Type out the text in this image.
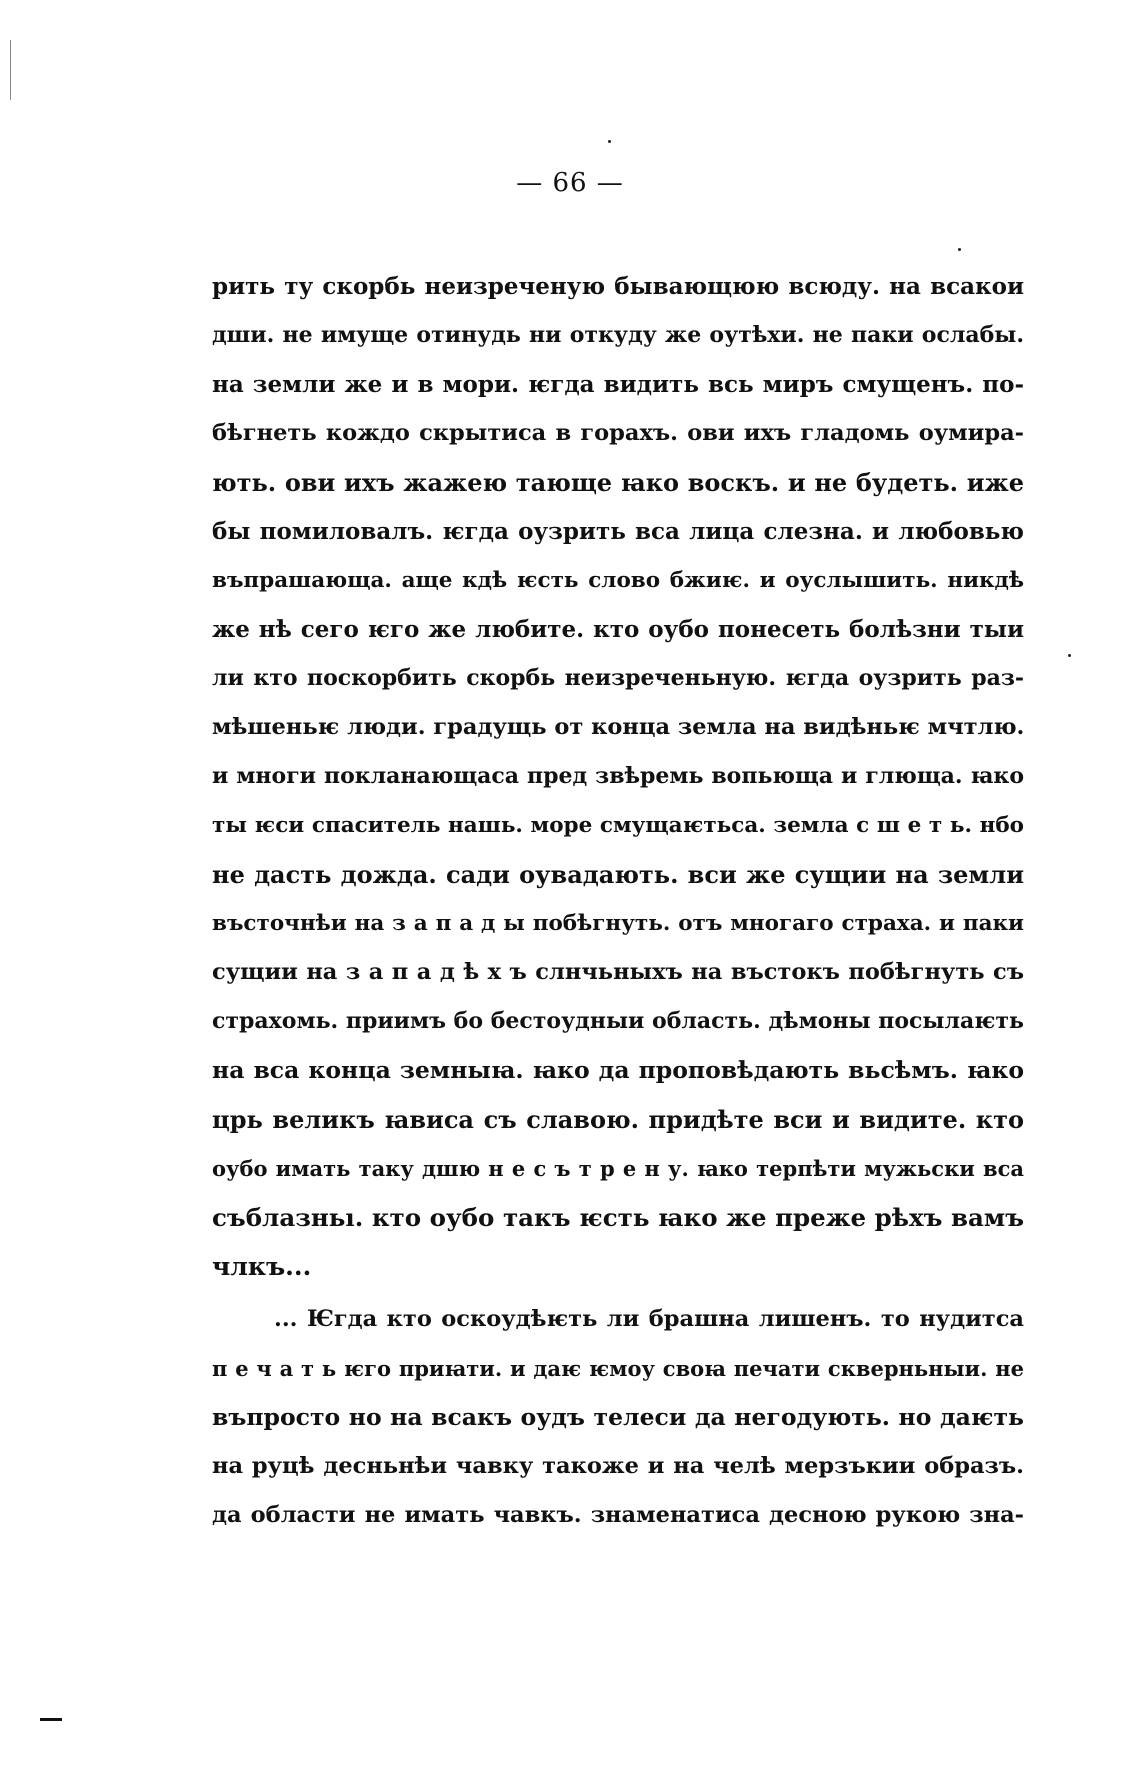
— 66 —
рить ту скорбь неизреченую бывающюю всюду. на всакои
дши. не имуще отинудь ни откуду же оутѣхи. не паки ослабы.
на земли же и в мори. ѥгда видить всь миръ смущенъ. по-
бѣгнеть кождо скрытиса в горахъ. ови ихъ гладомь оумира-
ють. ови ихъ жажею тающе ꙗко воскъ. и не будеть. иже
бы помиловалъ. ѥгда оузрить вса лица слезна. и любовью
въпрашающа. аще кдѣ ѥсть слово бжиѥ. и оуслышить. никдѣ
же нѣ сего ѥго же любите. кто оубо понесеть болѣзни тыи
ли кто поскорбить скорбь неизреченьную. ѥгда оузрить раз-
мѣшеньѥ люди. градущь от конца земла на видѣньѥ мчтлю.
и многи покланающаса пред звѣремь вопьюща и глюща. ꙗко
ты ѥси спаситель нашь. море смущаѥтьса. земла с ш е т ь. нбо
не дасть дожда. сади оувадають. вси же сущии на земли
въсточнѣи на з а п а д ы побѣгнуть. отъ многагo страха. и паки
сущии на з а п а д ѣ х ъ слнчьныхъ на въстокъ побѣгнуть съ
страхомь. приимъ бо бестоудныи область. дѣмоны посылаѥть
на вса конца земныꙗ. ꙗко да проповѣдають вьсѣмъ. ꙗко
црь великъ ꙗвиса съ славою. придѣте вси и видите. кто
оубо имать таку дшю н е с ъ т р е н у. ꙗко терпѣти мужьски вса
съблазньı. кто оубо такъ ѥсть ꙗко же преже рѣхъ вамъ
члкъ...
... Ѥгда кто оскоудѣѥть ли брашна лишенъ. то нудитса
п е ч а т ь ѥго приꙗти. и даѥ ѥмоу своꙗ печати скверньныи. не
въпросто но на всакъ оудъ телеси да негодують. но даѥть
на руцѣ десньнѣи чавку такоже и на челѣ мерзъкии образъ.
да области не имать чавкъ. знаменатиса десною рукою зна-
